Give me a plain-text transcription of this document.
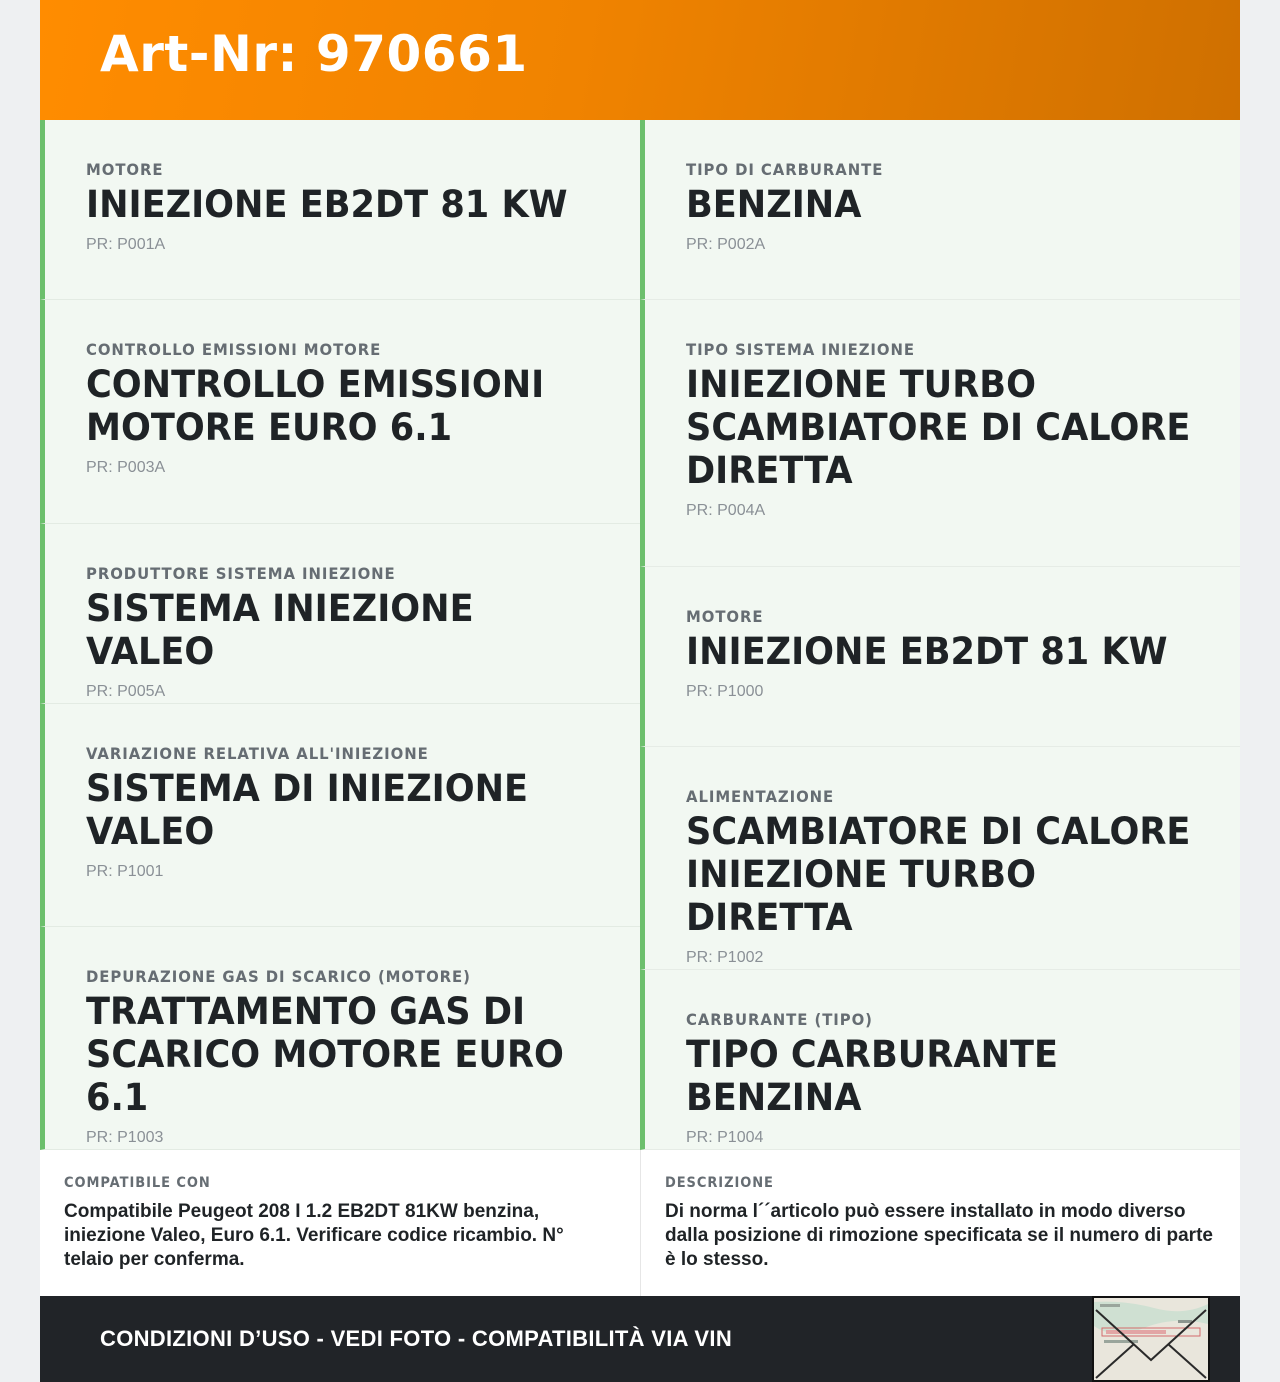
Art-Nr: 970661
MOTORE
INIEZIONE EB2DT 81 KW
PR: P001A
CONTROLLO EMISSIONI MOTORE
CONTROLLO EMISSIONI MOTORE EURO 6.1
PR: P003A
PRODUTTORE SISTEMA INIEZIONE
SISTEMA INIEZIONE VALEO
PR: P005A
VARIAZIONE RELATIVA ALL'INIEZIONE
SISTEMA DI INIEZIONE VALEO
PR: P1001
DEPURAZIONE GAS DI SCARICO (MOTORE)
TRATTAMENTO GAS DI SCARICO MOTORE EURO 6.1
PR: P1003
TIPO DI CARBURANTE
BENZINA
PR: P002A
TIPO SISTEMA INIEZIONE
INIEZIONE TURBO SCAMBIATORE DI CALORE DIRETTA
PR: P004A
MOTORE
INIEZIONE EB2DT 81 KW
PR: P1000
ALIMENTAZIONE
SCAMBIATORE DI CALORE INIEZIONE TURBO DIRETTA
PR: P1002
CARBURANTE (TIPO)
TIPO CARBURANTE BENZINA
PR: P1004
COMPATIBILE CON
Compatibile Peugeot 208 I 1.2 EB2DT 81KW benzina, iniezione Valeo, Euro 6.1. Verificare codice ricambio. N° telaio per conferma.
DESCRIZIONE
Di norma l´´articolo può essere installato in modo diverso dalla posizione di rimozione specificata se il numero di parte è lo stesso.
CONDIZIONI D’USO - VEDI FOTO - COMPATIBILITÀ VIA VIN
